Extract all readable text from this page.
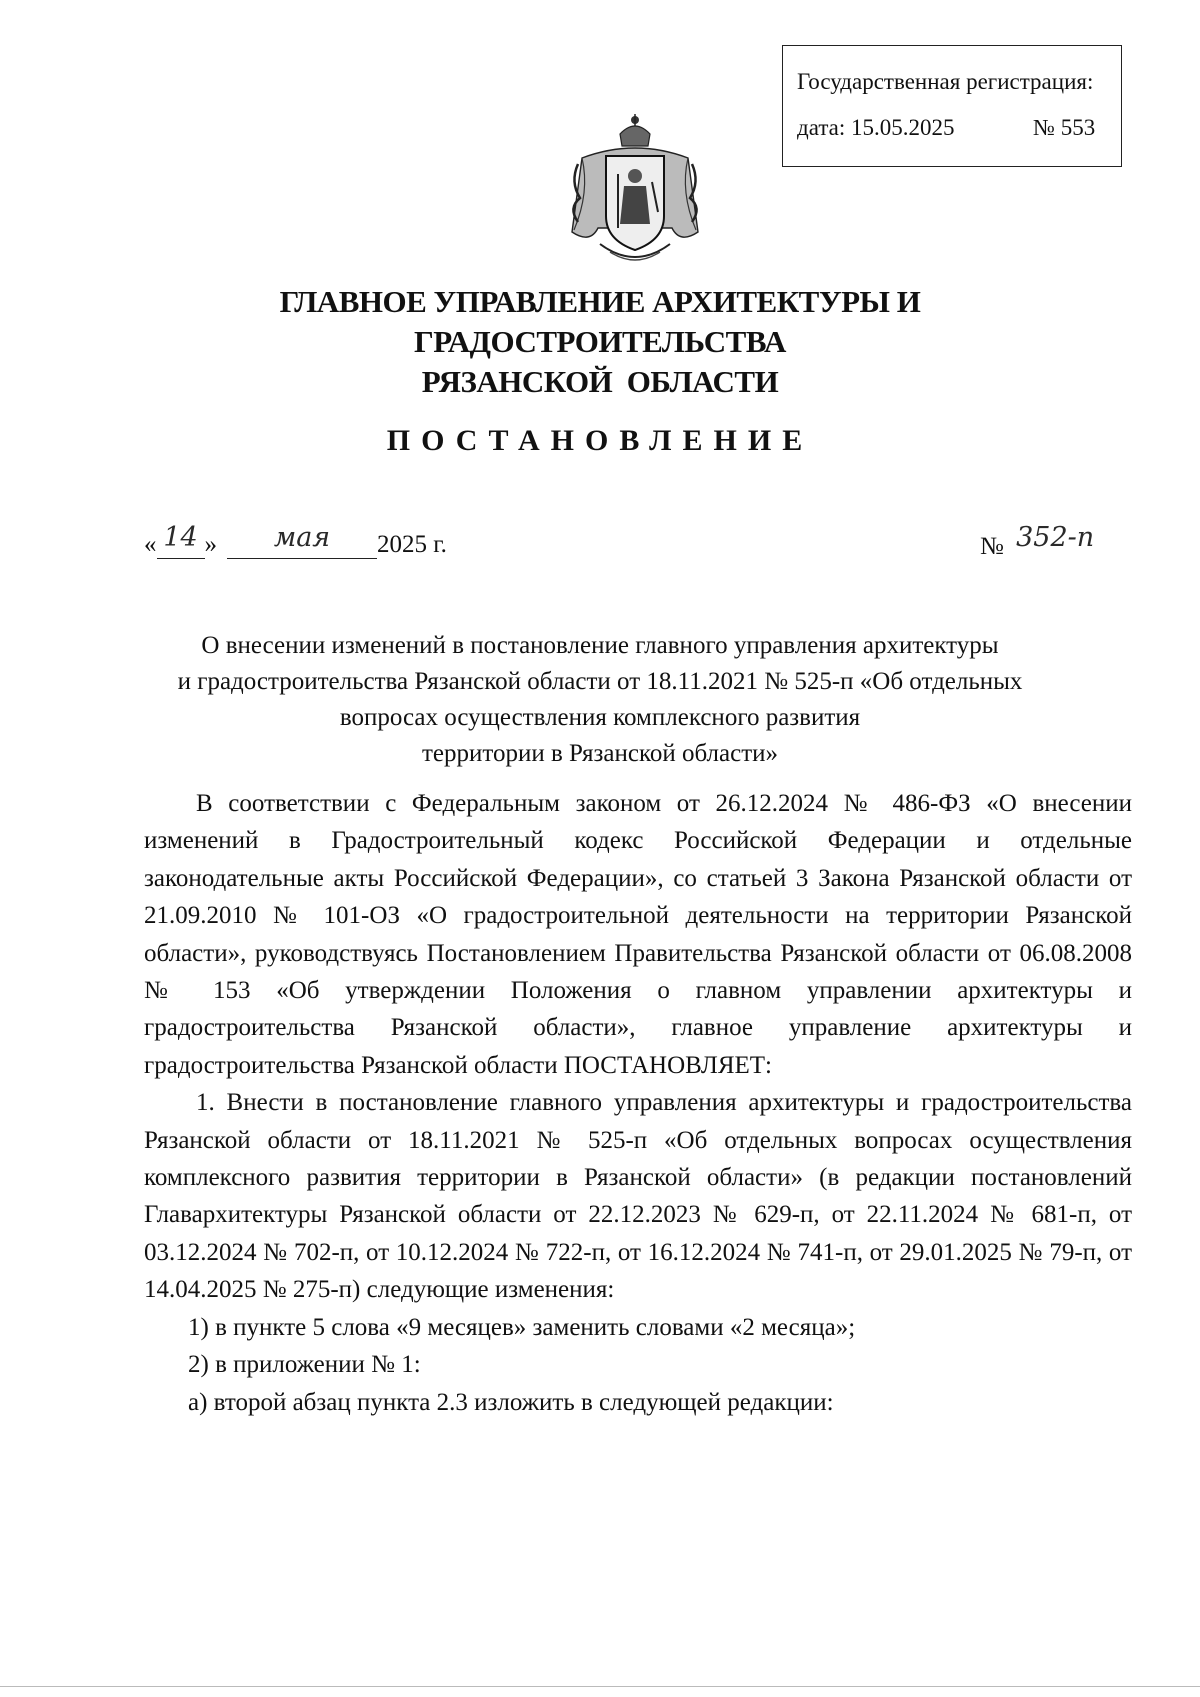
Государственная регистрация:
дата: 15.05.2025	№ 553
ГЛАВНОЕ УПРАВЛЕНИЕ АРХИТЕКТУРЫ И ГРАДОСТРОИТЕЛЬСТВА
РЯЗАНСКОЙ  ОБЛАСТИ
ПОСТАНОВЛЕНИЕ
« 14 » мая 2025 г.	№ 352-п
О внесении изменений в постановление главного управления архитектуры
и градостроительства Рязанской области от 18.11.2021 № 525-п «Об отдельных
вопросах осуществления комплексного развития
территории в Рязанской области»

В соответствии с Федеральным законом от 26.12.2024 № 486-ФЗ «О внесении изменений в Градостроительный кодекс Российской Федерации и отдельные законодательные акты Российской Федерации», со статьей 3 Закона Рязанской области от 21.09.2010 № 101-ОЗ «О градостроительной деятельности на территории Рязанской области», руководствуясь Постановлением Правительства Рязанской области от 06.08.2008 № 153 «Об утверждении Положения о главном управлении архитектуры и градостроительства Рязанской области», главное управление архитектуры и градостроительства Рязанской области ПОСТАНОВЛЯЕТ:

1. Внести в постановление главного управления архитектуры и градостроительства Рязанской области от 18.11.2021 № 525-п «Об отдельных вопросах осуществления комплексного развития территории в Рязанской области» (в редакции постановлений Главархитектуры Рязанской области от 22.12.2023 № 629-п, от 22.11.2024 № 681-п, от 03.12.2024 № 702-п, от 10.12.2024 № 722-п, от 16.12.2024 № 741-п, от 29.01.2025 № 79-п, от 14.04.2025 № 275-п) следующие изменения:

1) в пункте 5 слова «9 месяцев» заменить словами «2 месяца»;

2) в приложении № 1:

а) второй абзац пункта 2.3 изложить в следующей редакции:
